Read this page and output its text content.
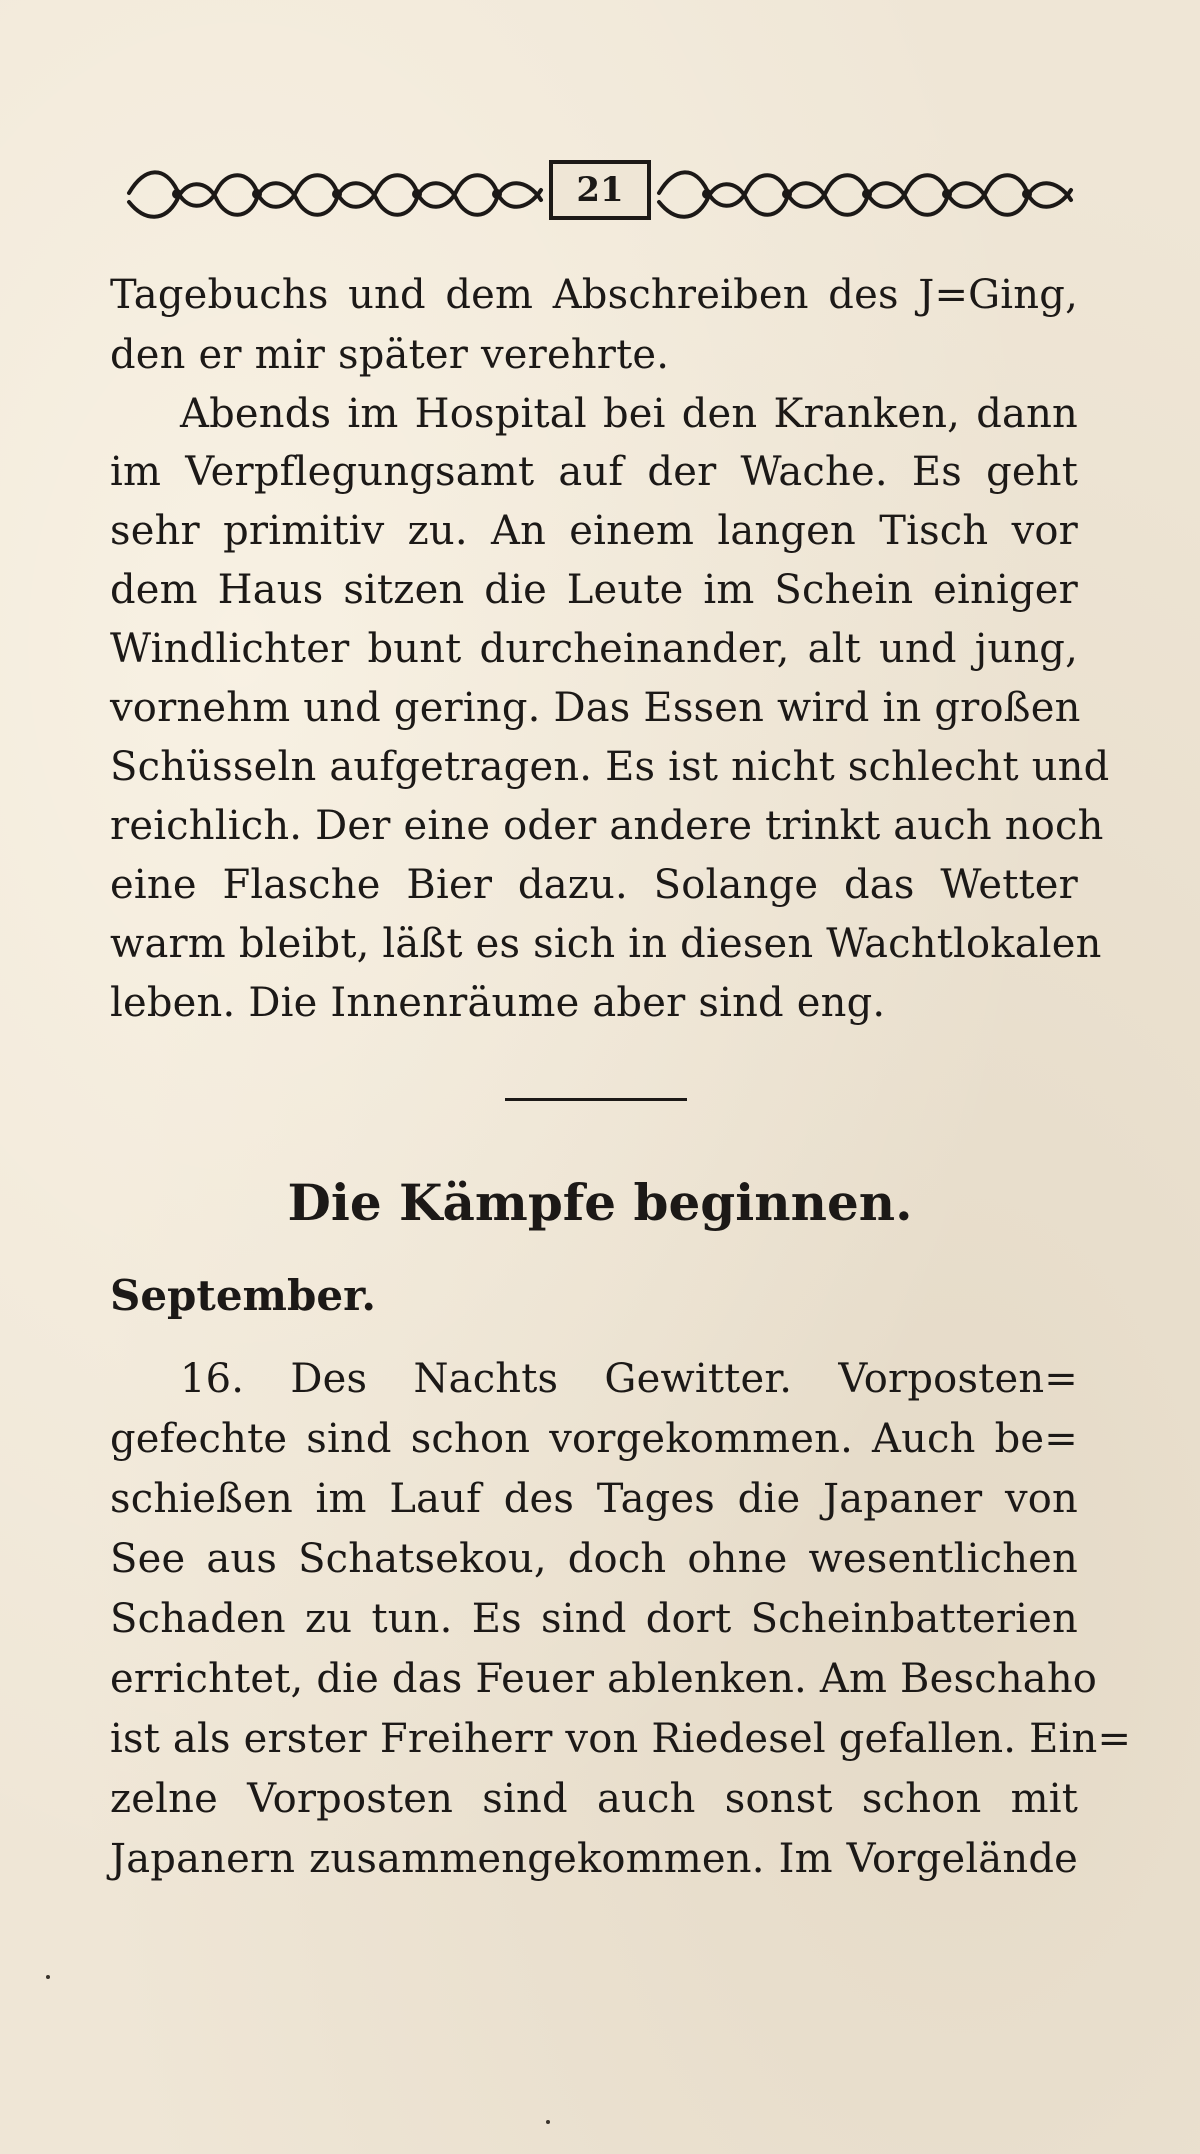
21
Tagebuchs und dem Abschreiben des J=Ging,
den er mir später verehrte.
Abends im Hospital bei den Kranken, dann
im Verpflegungsamt auf der Wache. Es geht
sehr primitiv zu. An einem langen Tisch vor
dem Haus sitzen die Leute im Schein einiger
Windlichter bunt durcheinander, alt und jung,
vornehm und gering. Das Essen wird in großen
Schüsseln aufgetragen. Es ist nicht schlecht und
reichlich. Der eine oder andere trinkt auch noch
eine Flasche Bier dazu. Solange das Wetter
warm bleibt, läßt es sich in diesen Wachtlokalen
leben. Die Innenräume aber sind eng.
Die Kämpfe beginnen.
September.
16. Des Nachts Gewitter. Vorposten=
gefechte sind schon vorgekommen. Auch be=
schießen im Lauf des Tages die Japaner von
See aus Schatsekou, doch ohne wesentlichen
Schaden zu tun. Es sind dort Scheinbatterien
errichtet, die das Feuer ablenken. Am Beschaho
ist als erster Freiherr von Riedesel gefallen. Ein=
zelne Vorposten sind auch sonst schon mit
Japanern zusammengekommen. Im Vorgelände
